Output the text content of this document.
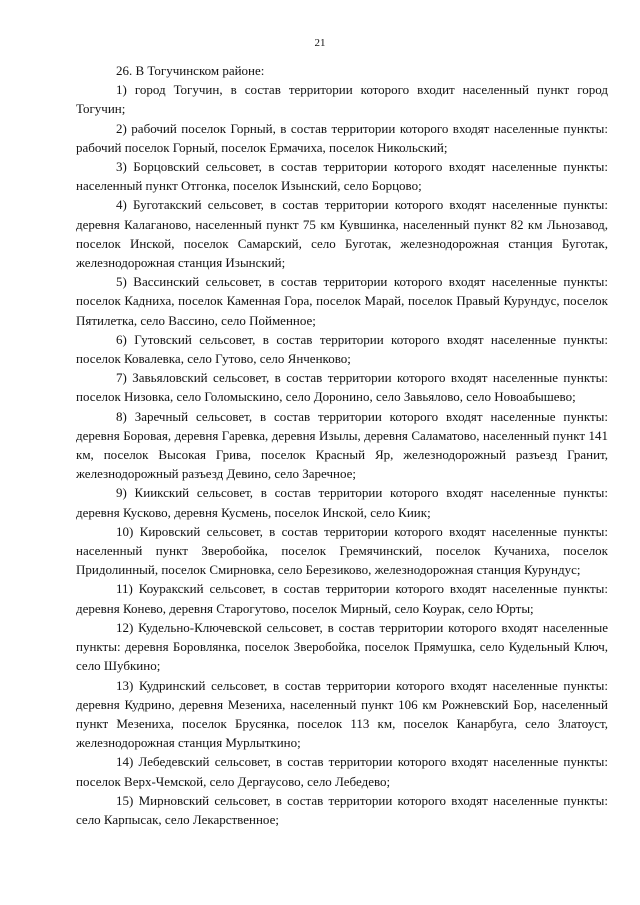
21

26. В Тогучинском районе:

1) город Тогучин, в состав территории которого входит населенный пункт город Тогучин;

2) рабочий поселок Горный, в состав территории которого входят населенные пункты: рабочий поселок Горный, поселок Ермачиха, поселок Никольский;

3) Борцовский сельсовет, в состав территории которого входят населенные пункты: населенный пункт Отгонка, поселок Изынский, село Борцово;

4) Буготакский сельсовет, в состав территории которого входят населенные пункты: деревня Калаганово, населенный пункт 75 км Кувшинка, населенный пункт 82 км Льнозавод, поселок Инской, поселок Самарский, село Буготак, железнодорожная станция Буготак, железнодорожная станция Изынский;

5) Вассинский сельсовет, в состав территории которого входят населенные пункты: поселок Кадниха, поселок Каменная Гора, поселок Марай, поселок Правый Курундус, поселок Пятилетка, село Вассино, село Пойменное;

6) Гутовский сельсовет, в состав территории которого входят населенные пункты: поселок Ковалевка, село Гутово, село Янченково;

7) Завьяловский сельсовет, в состав территории которого входят населенные пункты: поселок Низовка, село Голомыскино, село Доронино, село Завьялово, село Новоабышево;

8) Заречный сельсовет, в состав территории которого входят населенные пункты: деревня Боровая, деревня Гаревка, деревня Изылы, деревня Саламатово, населенный пункт 141 км, поселок Высокая Грива, поселок Красный Яр, железнодорожный разъезд Гранит, железнодорожный разъезд Девино, село Заречное;

9) Киикский сельсовет, в состав территории которого входят населенные пункты: деревня Кусково, деревня Кусмень, поселок Инской, село Киик;

10) Кировский сельсовет, в состав территории которого входят населенные пункты: населенный пункт Зверобойка, поселок Гремячинский, поселок Кучаниха, поселок Придолинный, поселок Смирновка, село Березиково, железнодорожная станция Курундус;

11) Коуракский сельсовет, в состав территории которого входят населенные пункты: деревня Конево, деревня Старогутово, поселок Мирный, село Коурак, село Юрты;

12) Кудельно-Ключевской сельсовет, в состав территории которого входят населенные пункты: деревня Боровлянка, поселок Зверобойка, поселок Прямушка, село Кудельный Ключ, село Шубкино;

13) Кудринский сельсовет, в состав территории которого входят населенные пункты: деревня Кудрино, деревня Мезениха, населенный пункт 106 км Рожневский Бор, населенный пункт Мезениха, поселок Брусянка, поселок 113 км, поселок Канарбуга, село Златоуст, железнодорожная станция Мурлыткино;

14) Лебедевский сельсовет, в состав территории которого входят населенные пункты: поселок Верх-Чемской, село Дергаусово, село Лебедево;

15) Мирновский сельсовет, в состав территории которого входят населенные пункты: село Карпысак, село Лекарственное;
